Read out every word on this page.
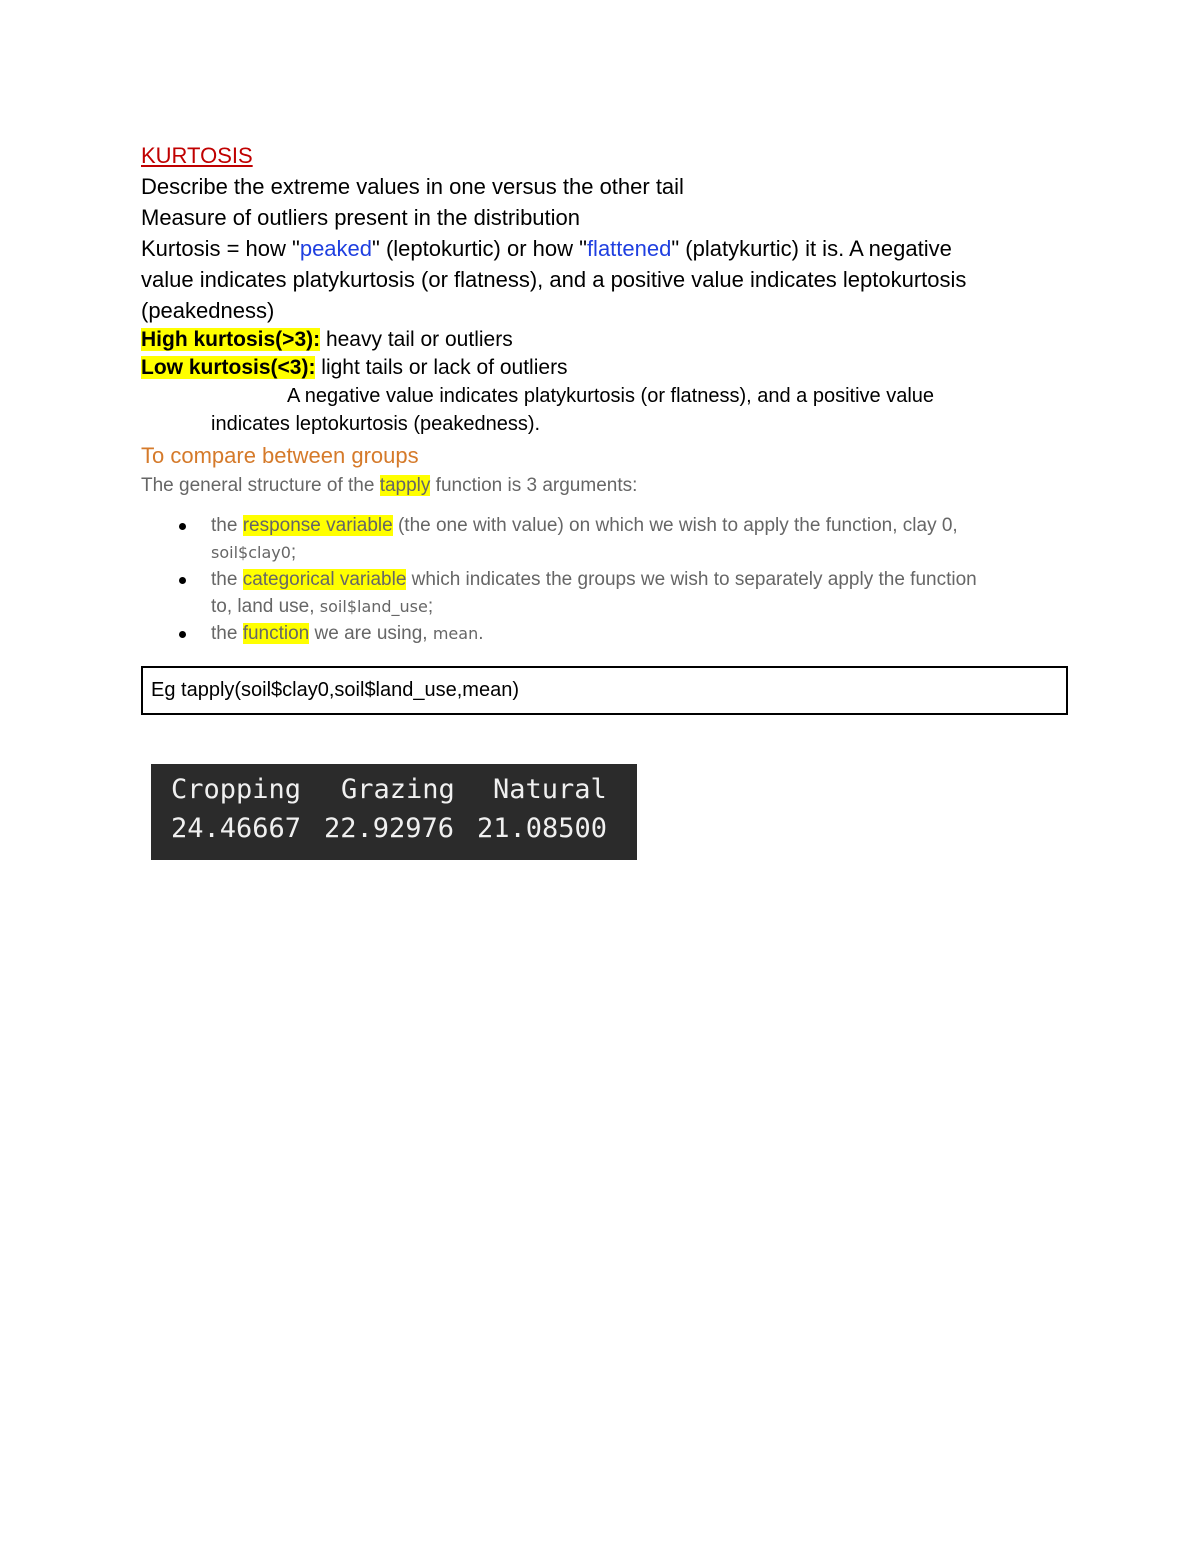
KURTOSIS
Describe the extreme values in one versus the other tail
Measure of outliers present in the distribution
Kurtosis = how "peaked" (leptokurtic) or how "flattened" (platykurtic) it is. A negative
value indicates platykurtosis (or flatness), and a positive value indicates leptokurtosis
(peakedness)
High kurtosis(>3): heavy tail or outliers
Low kurtosis(<3): light tails or lack of outliers
A negative value indicates platykurtosis (or flatness), and a positive value
indicates leptokurtosis (peakedness).
To compare between groups
The general structure of the tapply function is 3 arguments:
the response variable (the one with value) on which we wish to apply the function, clay 0,
soil$clay0;
the categorical variable which indicates the groups we wish to separately apply the function
to, land use, soil$land_use;
the function we are using, mean.
Eg tapply(soil$clay0,soil$land_use,mean)
Cropping Grazing Natural
24.46667 22.92976 21.08500
